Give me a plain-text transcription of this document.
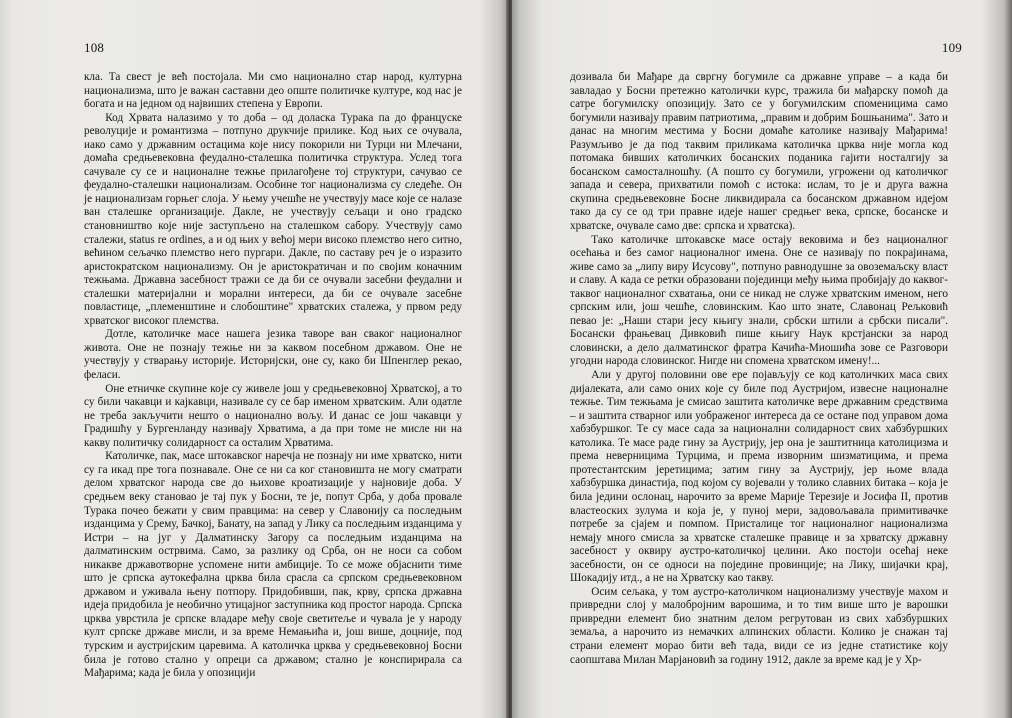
108

кла. Та свест је већ постојала. Ми смо национално стар народ, културна национализма, што је важан саставни део опште политичке културе, код нас је богата и на једном од највиших степена у Европи.

Код Хрвата налазимо у то доба – од доласка Турака па до француске револуције и романтизма – потпуно друкчије прилике. Код њих се очувала, иако само у државним остацима које нису покорили ни Турци ни Млечани, домаћа средњевековна феудално-сталешка политичка структура. Услед тога сачувале су се и националне тежње прилагођене тој структури, сачувао се феудално-сталешки национализам. Особине тог национализма су следеће. Он је национализам горњег слоја. У њему учешће не учествују масе које се налазе ван сталешке организације. Дакле, не учествују сељаци и оно градско становништво које није заступљено на сталешком сабору. Учествују само сталежи, status re ordines, а и од њих у већој мери високо племство него ситно, већином сељачко племство него пургари. Дакле, по саставу реч је о изразито аристократском национализму. Он је аристократичан и по својим коначним тежњама. Државна засебност тражи се да би се очували засебни феудални и сталешки материјални и морални интереси, да би се очувале засебне повластице, „племенштине и слобоштине" хрватских сталежа, у првом реду хрватског високог племства.

Дотле, католичке масе нашега језика таворе ван сваког националног живота. Оне не познају тежње ни за каквом посебном државом. Оне не учествују у стварању историје. Историјски, оне су, како би Шпенглер рекао, феласи.

Оне етничке скупине које су живеле још у средњевековној Хрватској, а то су били чакавци и кајкавци, називале су се бар именом хрватским. Али одатле не треба закључити нешто о национално вољу. И данас се још чакавци у Градишћу у Бургенланду називају Хрватима, а да при томе не мисле ни на какву политичку солидарност са осталим Хрватима.

Католичке, пак, масе штокавског наречја не познају ни име хрватско, нити су га икад пре тога познавале. Оне се ни са ког становишта не могу сматрати делом хрватског народа све до њихове кроатизације у најновије доба. У средњем веку становао је тај пук у Босни, те је, попут Срба, у доба провале Турака почео бежати у свим правцима: на север у Славонију са последњим изданцима у Срему, Бачкој, Банату, на запад у Лику са последњим изданцима у Истри – на југ у Далматинску Загору са последњим изданцима на далматинским острвима. Само, за разлику од Срба, он не носи са собом никакве државотворне успомене нити амбиције. То се може објаснити тиме што је српска аутокефална црква била срасла са српском средњевековном државом и уживала њену потпору. Придобивши, пак, крву, српска државна идеја придобила је необично утицајног заступника код простог народа. Српска црква уврстила је српске владаре међу своје светитеље и чувала је у народу култ српске државе мисли, и за време Немањића и, још више, доцније, под турским и аустријским царевима. А католичка црква у средњевековној Босни била је готово стално у опреци са државом; стално је конспирирала са Мађарима; када је била у опозицији

109

дозивала би Мађаре да свргну богумиле са државне управе – а када би завладао у Босни претежно католички курс, тражила би мађарску помоћ да сатре богумилску опозицију. Зато се у богумилским споменицима само богумили називају правим патриотима, „правим и добрим Бошњанима". Зато и данас на многим местима у Босни домаће католике називају Мађарима! Разумљиво је да под таквим приликама католичка црква није могла код потомака бивших католичких босанских поданика гајити носталгију за босанском самосталношћу. (А пошто су богумили, угрожени од католичког запада и севера, прихватили помоћ с истока: ислам, то је и друга важна скупина средњевековне Босне ликвидирала са босанском државном идејом тако да су се од три правне идеје нашег средњег века, српске, босанске и хрватске, очувале само две: српска и хрватска).

Тако католичке штокавске масе остају вековима и без националног осећања и без самог националног имена. Оне се називају по покрајинама, живе само за „липу виру Исусову", потпуно равнодушне за овоземаљску власт и славу. А када се ретки образовани појединци међу њима пробијају до каквог-таквог националног схватања, они се никад не служе хрватским именом, него српским или, још чешће, словинским. Као што знате, Славонац Рељковић певао је: „Наши стари јесу књигу знали, србски штили а србски писали". Босански фрањевац Дивковић пише књигу Наук крстјански за народ словински, а дело далматинског фратра Качића-Миошића зове се Разговори угодни народа словинског. Нигде ни спомена хрватском имену!...

Али у другој половини ове ере појављују се код католичких маса свих дијалеката, али само оних које су биле под Аустријом, извесне националне тежње. Тим тежњама је смисао заштита католичке вере државним средствима – и заштита стварног или уображеног интереса да се остане под управом дома хабзбуршког. Те су масе сада за национални солидарност свих хабзбуршких католика. Те масе раде гину за Аустрију, јер она је заштитница католицизма и према неверницима Турцима, и према изворним шизматицима, и према протестантским јеретицима; затим гину за Аустрију, јер њоме влада хабзбуршка династија, под којом су војевали у толико славних битака – која је била једини ослонац, нарочито за време Марије Терезије и Јосифа II, против властеоских зулума и која је, у пуној мери, задовољавала примитивачке потребе за сјајем и помпом. Присталице тог националног национализма немају много смисла за хрватске сталешке правице и за хрватску државну засебност у оквиру аустро-католичкој целини. Ако постоји осећај неке засебности, он се односи на поједине провинције; на Лику, шијачки крај, Шокадију итд., а не на Хрватску као такву.

Осим сељака, у том аустро-католичком национализму учествује махом и привредни слој у малобројним варошима, и то тим више што је варошки привредни елемент био знатним делом регрутован из свих хабзбуршких земаља, а нарочито из немачких алпинских области. Колико је снажан тај страни елемент морао бити већ тада, види се из једне статистике коју саопштава Милан Марјановић за годину 1912, дакле за време кад је у Хр-
